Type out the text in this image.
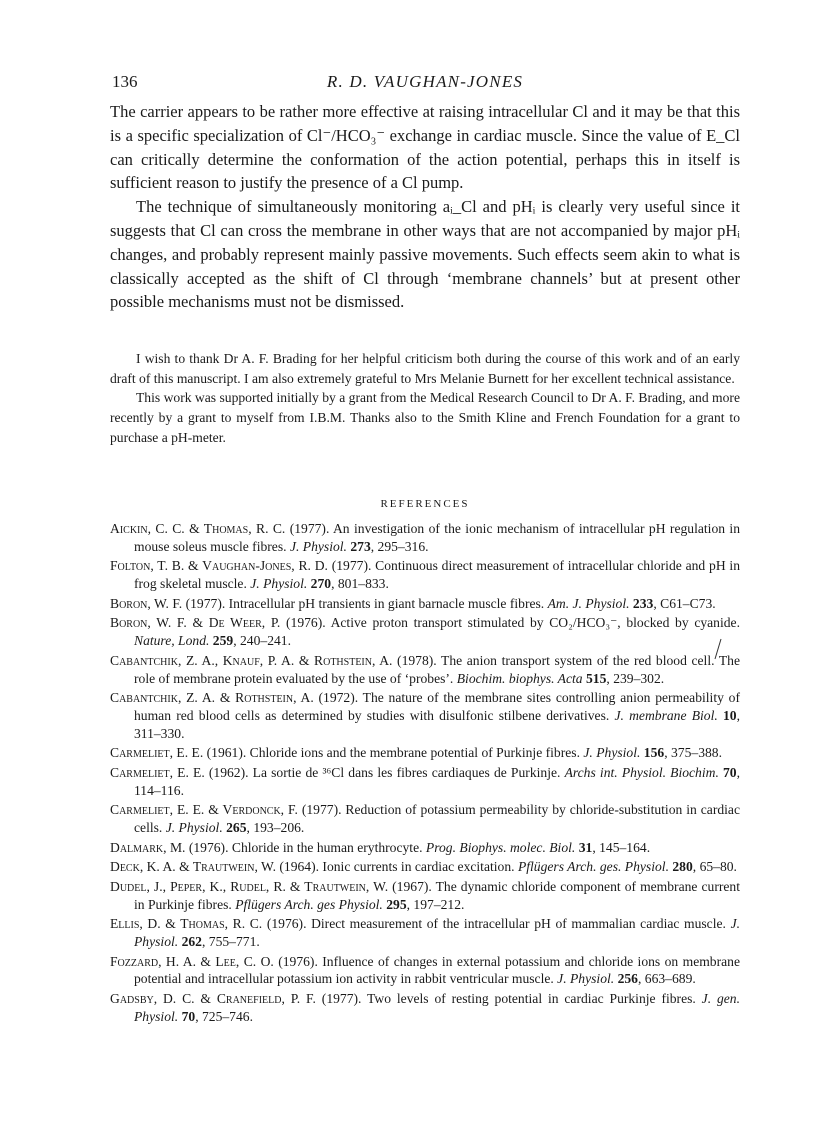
136	R. D. VAUGHAN-JONES

The carrier appears to be rather more effective at raising intracellular Cl and it may be that this is a specific specialization of Cl⁻/HCO₃⁻ exchange in cardiac muscle. Since the value of E_Cl can critically determine the conformation of the action potential, perhaps this in itself is sufficient reason to justify the presence of a Cl pump.

The technique of simultaneously monitoring aᵢ_Cl and pHᵢ is clearly very useful since it suggests that Cl can cross the membrane in other ways that are not accompanied by major pHᵢ changes, and probably represent mainly passive movements. Such effects seem akin to what is classically accepted as the shift of Cl through ‘membrane channels’ but at present other possible mechanisms must not be dismissed.

I wish to thank Dr A. F. Brading for her helpful criticism both during the course of this work and of an early draft of this manuscript. I am also extremely grateful to Mrs Melanie Burnett for her excellent technical assistance.

This work was supported initially by a grant from the Medical Research Council to Dr A. F. Brading, and more recently by a grant to myself from I.B.M. Thanks also to the Smith Kline and French Foundation for a grant to purchase a pH-meter.

REFERENCES
Aickin, C. C. & Thomas, R. C. (1977). An investigation of the ionic mechanism of intracellular pH regulation in mouse soleus muscle fibres. J. Physiol. 273, 295–316.
Folton, T. B. & Vaughan-Jones, R. D. (1977). Continuous direct measurement of intracellular chloride and pH in frog skeletal muscle. J. Physiol. 270, 801–833.
Boron, W. F. (1977). Intracellular pH transients in giant barnacle muscle fibres. Am. J. Physiol. 233, C61–C73.
Boron, W. F. & De Weer, P. (1976). Active proton transport stimulated by CO₂/HCO₃⁻, blocked by cyanide. Nature, Lond. 259, 240–241.
Cabantchik, Z. A., Knauf, P. A. & Rothstein, A. (1978). The anion transport system of the red blood cell. The role of membrane protein evaluated by the use of ‘probes’. Biochim. biophys. Acta 515, 239–302.
Cabantchik, Z. A. & Rothstein, A. (1972). The nature of the membrane sites controlling anion permeability of human red blood cells as determined by studies with disulfonic stilbene derivatives. J. membrane Biol. 10, 311–330.
Carmeliet, E. E. (1961). Chloride ions and the membrane potential of Purkinje fibres. J. Physiol. 156, 375–388.
Carmeliet, E. E. (1962). La sortie de ³⁶Cl dans les fibres cardiaques de Purkinje. Archs int. Physiol. Biochim. 70, 114–116.
Carmeliet, E. E. & Verdonck, F. (1977). Reduction of potassium permeability by chloride-substitution in cardiac cells. J. Physiol. 265, 193–206.
Dalmark, M. (1976). Chloride in the human erythrocyte. Prog. Biophys. molec. Biol. 31, 145–164.
Deck, K. A. & Trautwein, W. (1964). Ionic currents in cardiac excitation. Pflügers Arch. ges. Physiol. 280, 65–80.
Dudel, J., Peper, K., Rudel, R. & Trautwein, W. (1967). The dynamic chloride component of membrane current in Purkinje fibres. Pflügers Arch. ges Physiol. 295, 197–212.
Ellis, D. & Thomas, R. C. (1976). Direct measurement of the intracellular pH of mammalian cardiac muscle. J. Physiol. 262, 755–771.
Fozzard, H. A. & Lee, C. O. (1976). Influence of changes in external potassium and chloride ions on membrane potential and intracellular potassium ion activity in rabbit ventricular muscle. J. Physiol. 256, 663–689.
Gadsby, D. C. & Cranefield, P. F. (1977). Two levels of resting potential in cardiac Purkinje fibres. J. gen. Physiol. 70, 725–746.
